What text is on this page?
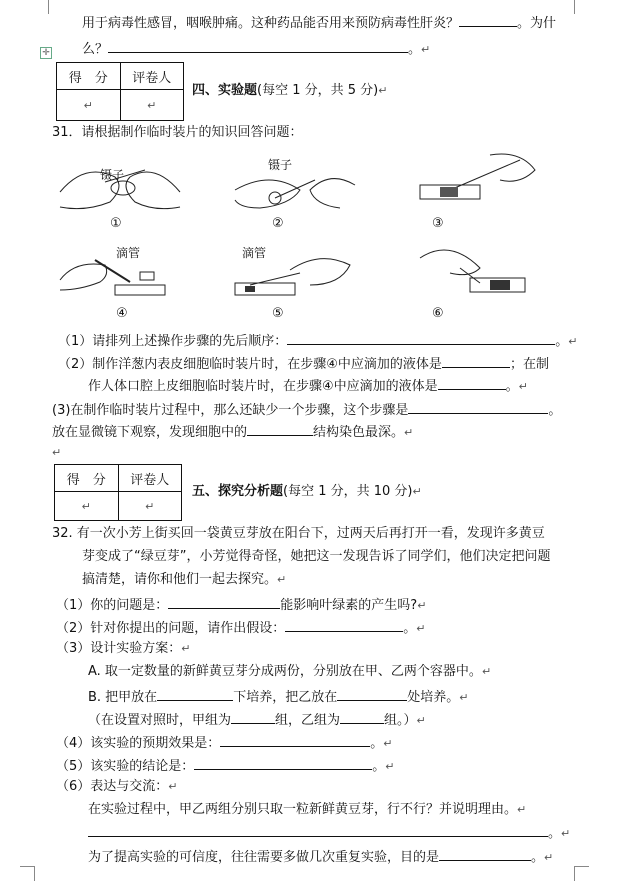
用于病毒性感冒，咽喉肿痛。这种药品能否用来预防病毒性肝炎？	。为什
么？	。↵
✛
得　分	评卷人
↵	↵
四、实验题(每空 1 分，共 5 分)↵
31．请根据制作临时装片的知识回答问题：
镊子
①
镊子
②	③
滴管
④
滴管
⑤	⑥
（1）请排列上述操作步骤的先后顺序：	。↵
（2）制作洋葱内表皮细胞临时装片时，在步骤④中应滴加的液体是	；在制
作人体口腔上皮细胞临时装片时，在步骤④中应滴加的液体是	。↵
(3)在制作临时装片过程中，那么还缺少一个步骤，这个步骤是	。
放在显微镜下观察，发现细胞中的	结构染色最深。↵
↵
得　分	评卷人
↵	↵
五、探究分析题(每空 1 分，共 10 分)↵
32. 有一次小芳上街买回一袋黄豆芽放在阳台下，过两天后再打开一看，发现许多黄豆
芽变成了“绿豆芽”，小芳觉得奇怪，她把这一发现告诉了同学们，他们决定把问题
搞清楚，请你和他们一起去探究。↵
（1）你的问题是：	能影响叶绿素的产生吗?↵
（2）针对你提出的问题，请作出假设：	。↵
（3）设计实验方案：↵
A. 取一定数量的新鲜黄豆芽分成两份，分别放在甲、乙两个容器中。↵
B. 把甲放在	下培养，把乙放在	处培养。↵
（在设置对照时，甲组为	组，乙组为	组。）↵
（4）该实验的预期效果是：	。↵
（5）该实验的结论是：	。↵
（6）表达与交流：↵
在实验过程中，甲乙两组分别只取一粒新鲜黄豆芽，行不行？并说明理由。↵
。↵
为了提高实验的可信度，往往需要多做几次重复实验，目的是	。↵
